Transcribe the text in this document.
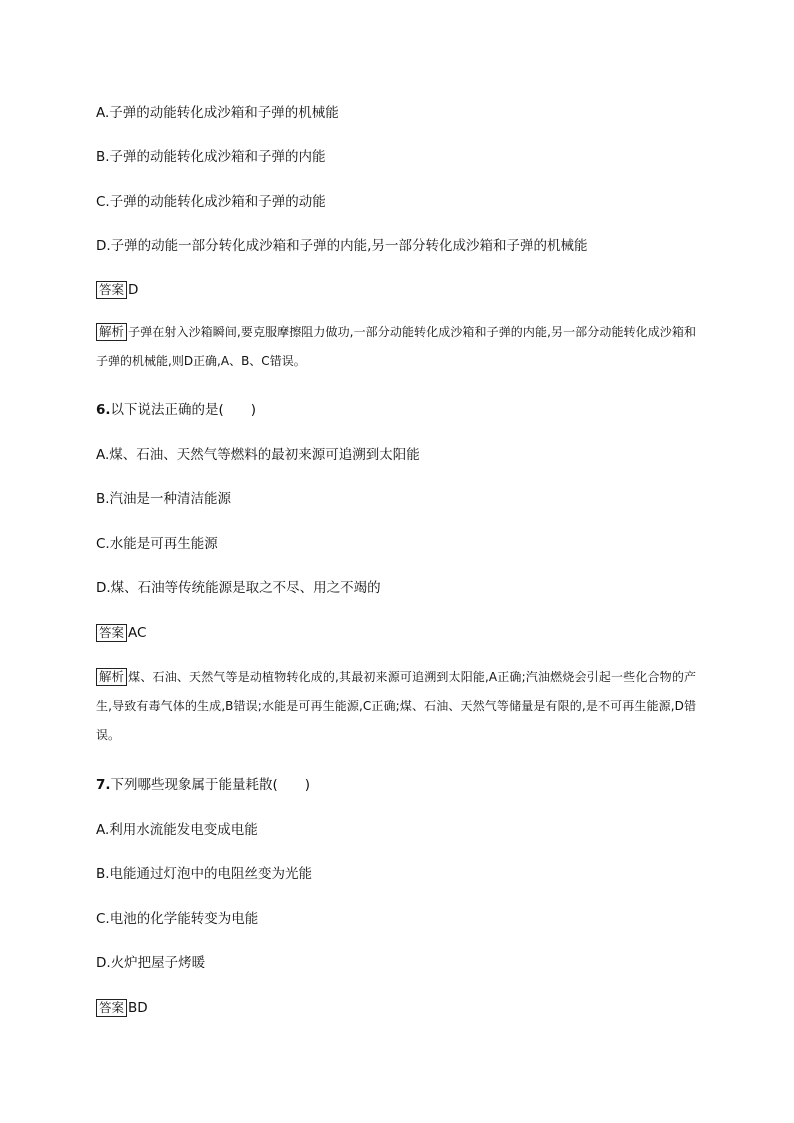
A.子弹的动能转化成沙箱和子弹的机械能
B.子弹的动能转化成沙箱和子弹的内能
C.子弹的动能转化成沙箱和子弹的动能
D.子弹的动能一部分转化成沙箱和子弹的内能,另一部分转化成沙箱和子弹的机械能
答案 D
解析 子弹在射入沙箱瞬间,要克服摩擦阻力做功,一部分动能转化成沙箱和子弹的内能,另一部分动能转化成沙箱和子弹的机械能,则D正确,A、B、C错误。
6.以下说法正确的是(　　)
A.煤、石油、天然气等燃料的最初来源可追溯到太阳能
B.汽油是一种清洁能源
C.水能是可再生能源
D.煤、石油等传统能源是取之不尽、用之不竭的
答案 AC
解析 煤、石油、天然气等是动植物转化成的,其最初来源可追溯到太阳能,A正确;汽油燃烧会引起一些化合物的产生,导致有毒气体的生成,B错误;水能是可再生能源,C正确;煤、石油、天然气等储量是有限的,是不可再生能源,D错误。
7.下列哪些现象属于能量耗散(　　)
A.利用水流能发电变成电能
B.电能通过灯泡中的电阻丝变为光能
C.电池的化学能转变为电能
D.火炉把屋子烤暖
答案 BD
